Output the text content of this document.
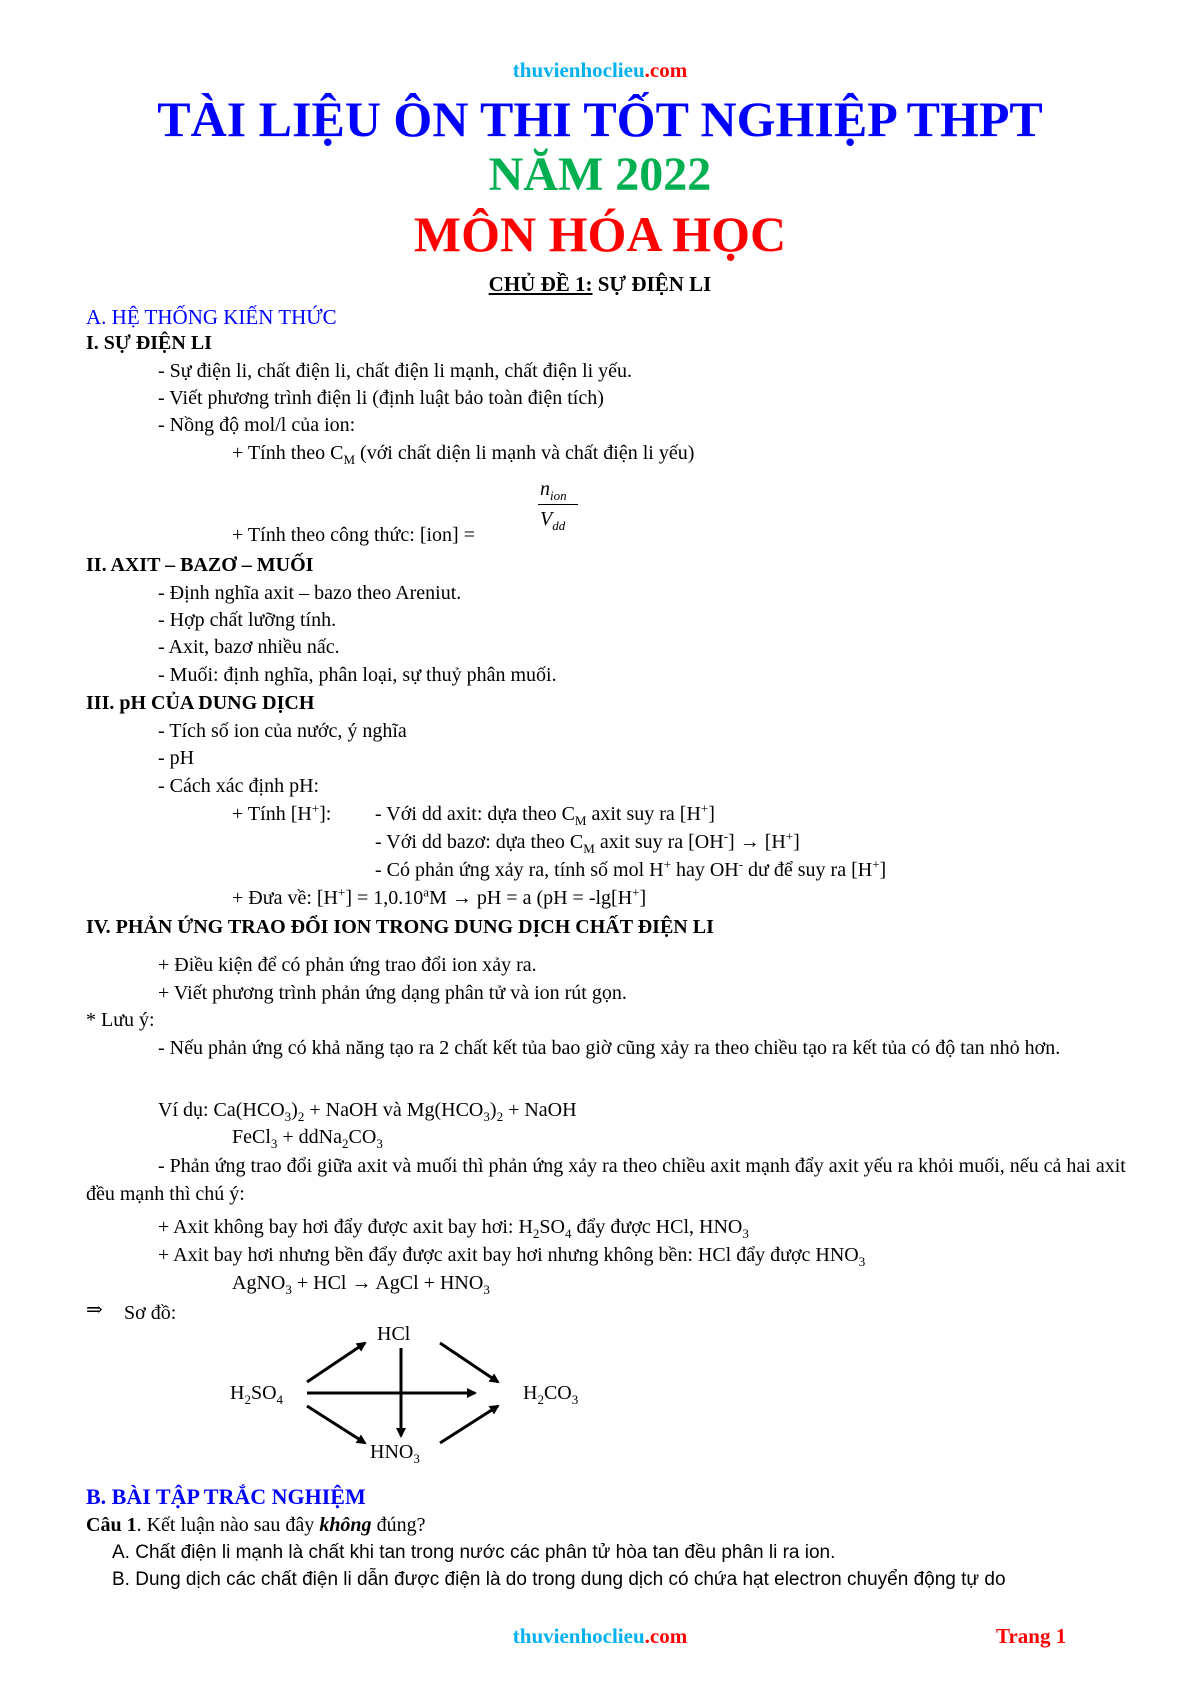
thuvienhoclieu.com
TÀI LIỆU ÔN THI TỐT NGHIỆP THPT
NĂM 2022
MÔN HÓA HỌC
CHỦ ĐỀ 1: SỰ ĐIỆN LI
A. HỆ THỐNG KIẾN THỨC
I. SỰ ĐIỆN LI
- Sự điện li, chất điện li, chất điện li mạnh, chất điện li yếu.
- Viết phương trình điện li (định luật bảo toàn điện tích)
- Nồng độ mol/l của ion:
+ Tính theo $C_M$ (với chất diện li mạnh và chất điện li yếu)
+ Tính theo công thức: [ion] =
$n_{ion}$
$V_{dd}$
II. AXIT – BAZƠ – MUỐI
- Định nghĩa axit – bazo theo Areniut.
- Hợp chất lưỡng tính.
- Axit, bazơ nhiều nấc.
- Muối: định nghĩa, phân loại, sự thuỷ phân muối.
III. pH CỦA DUNG DỊCH
- Tích số ion của nước, ý nghĩa
- pH
- Cách xác định pH:
+ Tính [H+]: - Với dd axit: dựa theo $C_M$ axit suy ra [H+]
- Với dd bazơ: dựa theo $C_M$ axit suy ra [OH-] → [H+]
- Có phản ứng xảy ra, tính số mol H+ hay OH- dư để suy ra [H+]
+ Đưa về: [H+] = 1,0.10$^a$M → pH = a (pH = -lg[H+]
IV. PHẢN ỨNG TRAO ĐỔI ION TRONG DUNG DỊCH CHẤT ĐIỆN LI
+ Điều kiện để có phản ứng trao đổi ion xảy ra.
+ Viết phương trình phản ứng dạng phân tử và ion rút gọn.
* Lưu ý:
- Nếu phản ứng có khả năng tạo ra 2 chất kết tủa bao giờ cũng xảy ra theo chiều tạo ra kết tủa có độ tan nhỏ hơn.
Ví dụ: $Ca(HCO_3)_2$ + NaOH và $Mg(HCO_3)_2$ + NaOH
FeCl$_3$ + $ddNa_2CO_3$
- Phản ứng trao đổi giữa axit và muối thì phản ứng xảy ra theo chiều axit mạnh đẩy axit yếu ra khỏi muối, nếu cả hai axit đều mạnh thì chú ý:
+ Axit không bay hơi đẩy được axit bay hơi: $H_2SO_4$ đẩy được HCl, $HNO_3$
+ Axit bay hơi nhưng bền đẩy được axit bay hơi nhưng không bền: HCl đẩy được $HNO_3$
AgNO$_3$ + HCl → AgCl + $HNO_3$
⇒ Sơ đồ:
HCl
$H_2SO_4$	$H_2CO_3$
$HNO_3$
B. BÀI TẬP TRẮC NGHIỆM
Câu 1. Kết luận nào sau đây không đúng?
A. Chất điện li mạnh là chất khi tan trong nước các phân tử hòa tan đều phân li ra ion.
B. Dung dịch các chất điện li dẫn được điện là do trong dung dịch có chứa hạt electron chuyển động tự do
thuvienhoclieu.com	Trang 1
